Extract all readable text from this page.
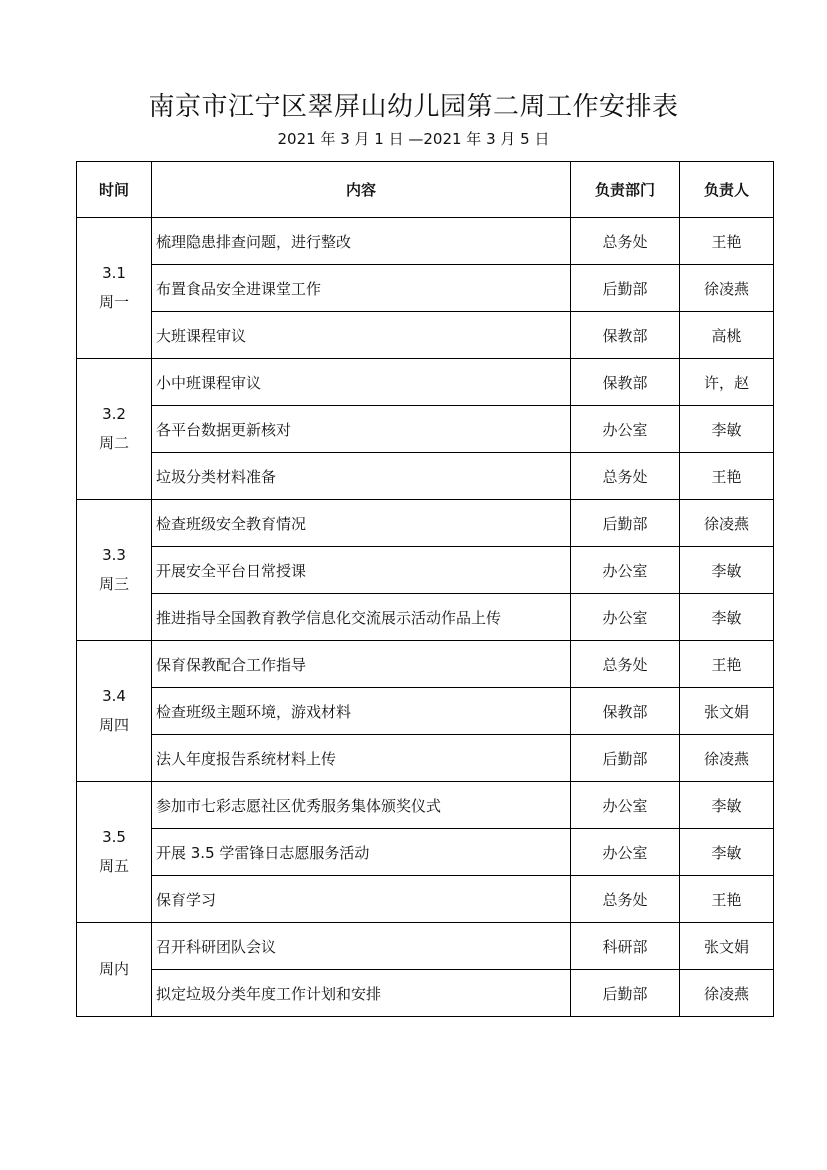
南京市江宁区翠屏山幼儿园第二周工作安排表

2021 年 3 月 1 日 —2021 年 3 月 5 日

时间	内容	负责部门	负责人

3.1
周一	梳理隐患排查问题，进行整改	总务处	王艳
	布置食品安全进课堂工作	后勤部	徐凌燕
	大班课程审议	保教部	高桃

3.2
周二	小中班课程审议	保教部	许，赵
	各平台数据更新核对	办公室	李敏
	垃圾分类材料准备	总务处	王艳

3.3
周三	检查班级安全教育情况	后勤部	徐凌燕
	开展安全平台日常授课	办公室	李敏
	推进指导全国教育教学信息化交流展示活动作品上传	办公室	李敏

3.4
周四	保育保教配合工作指导	总务处	王艳
	检查班级主题环境，游戏材料	保教部	张文娟
	法人年度报告系统材料上传	后勤部	徐凌燕

3.5
周五	参加市七彩志愿社区优秀服务集体颁奖仪式	办公室	李敏
	开展 3.5 学雷锋日志愿服务活动	办公室	李敏
	保育学习	总务处	王艳

周内	召开科研团队会议	科研部	张文娟
	拟定垃圾分类年度工作计划和安排	后勤部	徐凌燕
